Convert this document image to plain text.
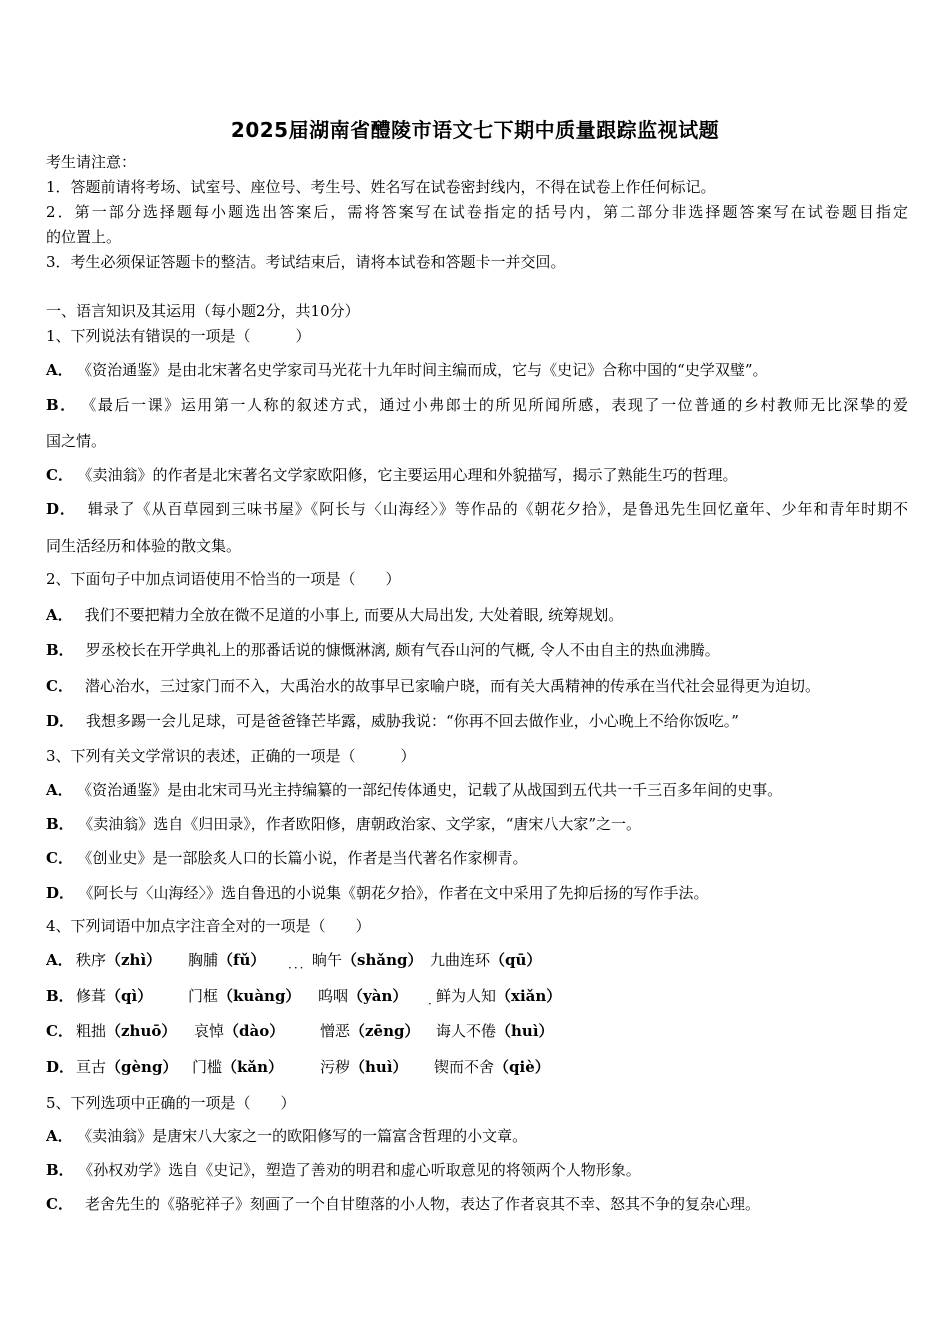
2025届湖南省醴陵市语文七下期中质量跟踪监视试题
考生请注意：
1．答题前请将考场、试室号、座位号、考生号、姓名写在试卷密封线内，不得在试卷上作任何标记。
2．第一部分选择题每小题选出答案后，需将答案写在试卷指定的括号内，第二部分非选择题答案写在试卷题目指定
的位置上。
3．考生必须保证答题卡的整洁。考试结束后，请将本试卷和答题卡一并交回。
一、语言知识及其运用（每小题2分，共10分）
1、下列说法有错误的一项是（　　　）
A． 《资治通鉴》是由北宋著名史学家司马光花十九年时间主编而成，它与《史记》合称中国的“史学双璧”。
B． 《最后一课》运用第一人称的叙述方式，通过小弗郎士的所见所闻所感，表现了一位普通的乡村教师无比深挚的爱
国之情。
C． 《卖油翁》的作者是北宋著名文学家欧阳修，它主要运用心理和外貌描写，揭示了熟能生巧的哲理。
D． 辑录了《从百草园到三味书屋》《阿长与〈山海经〉》等作品的《朝花夕拾》，是鲁迅先生回忆童年、少年和青年时期不
同生活经历和体验的散文集。
2、下面句子中加点词语使用不恰当的一项是（　　）
A． 我们不要把精力全放在微不足道的小事上, 而要从大局出发, 大处着眼, 统筹规划。
B． 罗丞校长在开学典礼上的那番话说的慷慨淋漓, 颇有气吞山河的气概, 令人不由自主的热血沸腾。
C． 潜心治水，三过家门而不入，大禹治水的故事早已家喻户晓，而有关大禹精神的传承在当代社会显得更为迫切。
D． 我想多踢一会儿足球，可是爸爸锋芒毕露，威胁我说：“你再不回去做作业，小心晚上不给你饭吃。”
3、下列有关文学常识的表述，正确的一项是（　　　）
A． 《资治通鉴》是由北宋司马光主持编纂的一部纪传体通史，记载了从战国到五代共一千三百多年间的史事。
B． 《卖油翁》选自《归田录》，作者欧阳修，唐朝政治家、文学家，“唐宋八大家”之一。
C． 《创业史》是一部脍炙人口的长篇小说，作者是当代著名作家柳青。
D． 《阿长与〈山海经〉》选自鲁迅的小说集《朝花夕拾》，作者在文中采用了先抑后扬的写作手法。
4、下列词语中加点字注音全对的一项是（　　）
A． 秩序（zhì） 胸脯（fǔ） ··· 晌午（shǎng） 九曲连环（qū）
B． 修葺（qì） 门框（kuàng） 呜咽（yàn） · 鲜为人知（xiǎn）
C． 粗拙（zhuō） 哀悼（dào） 憎恶（zēng） 诲人不倦（huì）
D． 亘古（gèng） 门槛（kǎn） 污秽（huì） 锲而不舍（qiè）
5、下列选项中正确的一项是（　　）
A． 《卖油翁》是唐宋八大家之一的欧阳修写的一篇富含哲理的小文章。
B． 《孙权劝学》选自《史记》，塑造了善劝的明君和虚心听取意见的将领两个人物形象。
C． 老舍先生的《骆驼祥子》刻画了一个自甘堕落的小人物，表达了作者哀其不幸、怒其不争的复杂心理。
